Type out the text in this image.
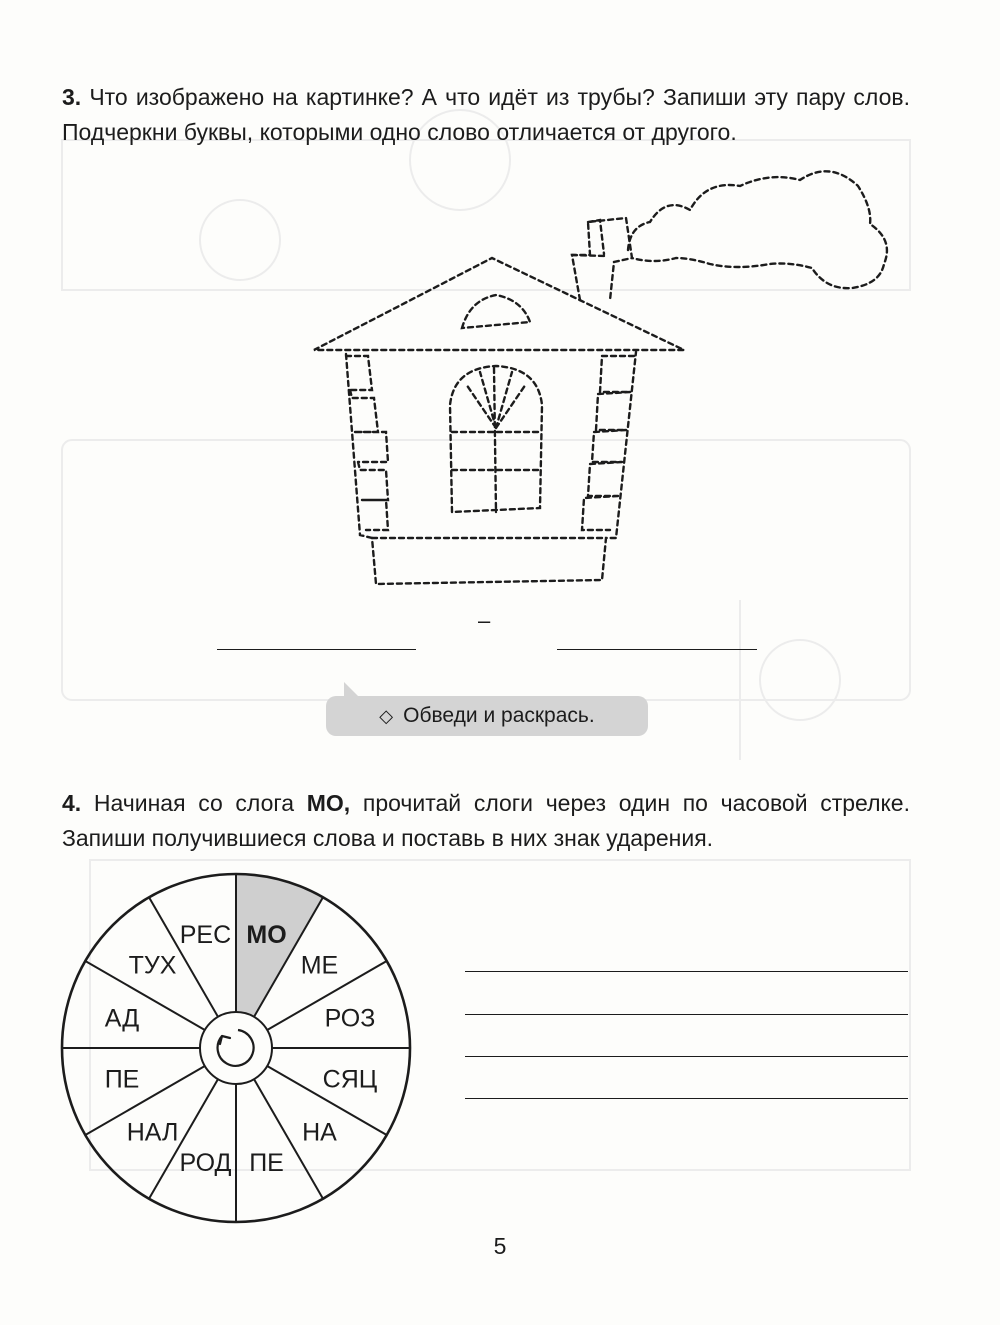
3. Что изображено на картинке? А что идёт из трубы? Запиши эту пару слов. Подчеркни буквы, которыми одно слово отличается от другого.

–
◇ Обведи и раскрась.

4. Начиная со слога МО, прочитай слоги через один по часовой стрелке. Запиши получившиеся слова и поставь в них знак ударения.

МО
МЕ
РОЗ
СЯЦ
НА
ПЕ
РОД
НАЛ
ПЕ
АД
ТУХ
РЕС
5
